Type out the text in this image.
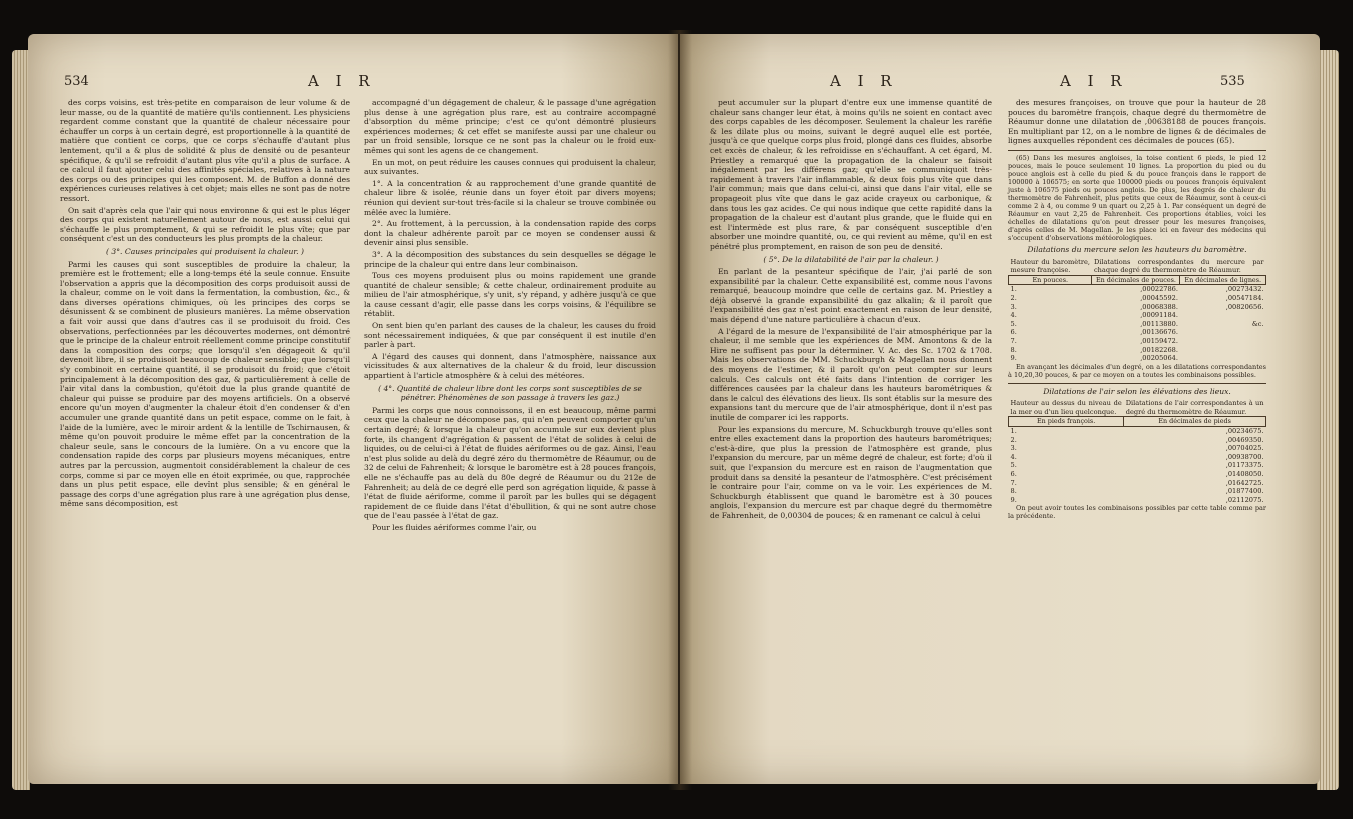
534	A I R

des corps voisins, est très-petite en comparaison de leur volume & de leur masse, ou de la quantité de matière qu'ils contiennent. Les physiciens regardent comme constant que la quantité de chaleur nécessaire pour échauffer un corps à un certain degré, est proportionnelle à la quantité de matière que contient ce corps, que ce corps s'échauffe d'autant plus lentement, qu'il a & plus de solidité & plus de densité ou de pesanteur spécifique, & qu'il se refroidit d'autant plus vîte qu'il a plus de surface. A ce calcul il faut ajouter celui des affinités spéciales, relatives à la nature des corps ou des principes qui les composent. M. de Buffon a donné des expériences curieuses relatives à cet objet; mais elles ne sont pas de notre ressort.

On sait d'après cela que l'air qui nous environne & qui est le plus léger des corps qui existent naturellement autour de nous, est aussi celui qui s'échauffe le plus promptement, & qui se refroidit le plus vîte; que par conséquent c'est un des conducteurs les plus prompts de la chaleur.

( 3°. Causes principales qui produisent la chaleur. )

Parmi les causes qui sont susceptibles de produire la chaleur, la première est le frottement; elle a long-temps été la seule connue. Ensuite l'observation a appris que la décomposition des corps produisoit aussi de la chaleur, comme on le voit dans la fermentation, la combustion, &c., & dans diverses opérations chimiques, où les principes des corps se désunissent & se combinent de plusieurs manières. La même observation a fait voir aussi que dans d'autres cas il se produisoit du froid. Ces observations, perfectionnées par les découvertes modernes, ont démontré que le principe de la chaleur entroit réellement comme principe constitutif dans la composition des corps; que lorsqu'il s'en dégageoit & qu'il devenoit libre, il se produisoit beaucoup de chaleur sensible; que lorsqu'il s'y combinoit en certaine quantité, il se produisoit du froid; que c'étoit principalement à la décomposition des gaz, & particulièrement à celle de l'air vital dans la combustion, qu'étoit due la plus grande quantité de chaleur qui puisse se produire par des moyens artificiels. On a observé encore qu'un moyen d'augmenter la chaleur étoit d'en condenser & d'en accumuler une grande quantité dans un petit espace, comme on le fait, à l'aide de la lumière, avec le miroir ardent & la lentille de Tschirnausen, & même qu'on pouvoit produire le même effet par la concentration de la chaleur seule, sans le concours de la lumière. On a vu encore que la condensation rapide des corps par plusieurs moyens mécaniques, entre autres par la percussion, augmentoit considérablement la chaleur de ces corps, comme si par ce moyen elle en étoit exprimée, ou que, rapprochée dans un plus petit espace, elle devînt plus sensible; & en général le passage des corps d'une agrégation plus rare à une agrégation plus dense, même sans décomposition, est

accompagné d'un dégagement de chaleur, & le passage d'une agrégation plus dense à une agrégation plus rare, est au contraire accompagné d'absorption du même principe; c'est ce qu'ont démontré plusieurs expériences modernes; & cet effet se manifeste aussi par une chaleur ou par un froid sensible, lorsque ce ne sont pas la chaleur ou le froid eux-mêmes qui sont les agens de ce changement.

En un mot, on peut réduire les causes connues qui produisent la chaleur, aux suivantes.

1°. A la concentration & au rapprochement d'une grande quantité de chaleur libre & isolée, réunie dans un foyer étoit par divers moyens; réunion qui devient sur-tout très-facile si la chaleur se trouve combinée ou mêlée avec la lumière.

2°. Au frottement, à la percussion, à la condensation rapide des corps dont la chaleur adhérente paroît par ce moyen se condenser aussi & devenir ainsi plus sensible.

3°. A la décomposition des substances du sein desquelles se dégage le principe de la chaleur qui entre dans leur combinaison.

Tous ces moyens produisent plus ou moins rapidement une grande quantité de chaleur sensible; & cette chaleur, ordinairement produite au milieu de l'air atmosphérique, s'y unit, s'y répand, y adhère jusqu'à ce que la cause cessant d'agir, elle passe dans les corps voisins, & l'équilibre se rétablit.

On sent bien qu'en parlant des causes de la chaleur, les causes du froid sont nécessairement indiquées, & que par conséquent il est inutile d'en parler à part.

A l'égard des causes qui donnent, dans l'atmosphère, naissance aux vicissitudes & aux alternatives de la chaleur & du froid, leur discussion appartient à l'article atmosphère & à celui des météores.

( 4°. Quantité de chaleur libre dont les corps sont susceptibles de se pénétrer. Phénomènes de son passage à travers les gaz.)

Parmi les corps que nous connoissons, il en est beaucoup, même parmi ceux que la chaleur ne décompose pas, qui n'en peuvent comporter qu'un certain degré; & lorsque la chaleur qu'on accumule sur eux devient plus forte, ils changent d'agrégation & passent de l'état de solides à celui de liquides, ou de celui-ci à l'état de fluides aériformes ou de gaz. Ainsi, l'eau n'est plus solide au delà du degré zéro du thermomètre de Réaumur, ou de 32 de celui de Fahrenheit; & lorsque le baromètre est à 28 pouces françois, elle ne s'échauffe pas au delà du 80e degré de Réaumur ou du 212e de Fahrenheit; au delà de ce degré elle perd son agrégation liquide, & passe à l'état de fluide aériforme, comme il paroît par les bulles qui se dégagent rapidement de ce fluide dans l'état d'ébullition, & qui ne sont autre chose que de l'eau passée à l'état de gaz.

Pour les fluides aériformes comme l'air, ou

A I R	A I R	535

peut accumuler sur la plupart d'entre eux une immense quantité de chaleur sans changer leur état, à moins qu'ils ne soient en contact avec des corps capables de les décomposer. Seulement la chaleur les raréfie & les dilate plus ou moins, suivant le degré auquel elle est portée, jusqu'à ce que quelque corps plus froid, plongé dans ces fluides, absorbe cet excès de chaleur, & les refroidisse en s'échauffant. A cet égard, M. Priestley a remarqué que la propagation de la chaleur se faisoit inégalement par les différens gaz; qu'elle se communiquoit très-rapidement à travers l'air inflammable, & deux fois plus vîte que dans l'air commun; mais que dans celui-ci, ainsi que dans l'air vital, elle se propageoit plus vîte que dans le gaz acide crayeux ou carbonique, & dans tous les gaz acides. Ce qui nous indique que cette rapidité dans la propagation de la chaleur est d'autant plus grande, que le fluide qui en est l'intermède est plus rare, & par conséquent susceptible d'en absorber une moindre quantité, ou, ce qui revient au même, qu'il en est pénétré plus promptement, en raison de son peu de densité.

( 5°. De la dilatabilité de l'air par la chaleur. )

En parlant de la pesanteur spécifique de l'air, j'ai parlé de son expansibilité par la chaleur. Cette expansibilité est, comme nous l'avons remarqué, beaucoup moindre que celle de certains gaz. M. Priestley a déjà observé la grande expansibilité du gaz alkalin; & il paroît que l'expansibilité des gaz n'est point exactement en raison de leur densité, mais dépend d'une nature particulière à chacun d'eux.

A l'égard de la mesure de l'expansibilité de l'air atmosphérique par la chaleur, il me semble que les expériences de MM. Amontons & de la Hire ne suffisent pas pour la déterminer. V. Ac. des Sc. 1702 & 1708. Mais les observations de MM. Schuckburgh & Magellan nous donnent des moyens de l'estimer, & il paroît qu'on peut compter sur leurs calculs. Ces calculs ont été faits dans l'intention de corriger les différences causées par la chaleur dans les hauteurs barométriques & dans le calcul des élévations des lieux. Ils sont établis sur la mesure des expansions tant du mercure que de l'air atmosphérique, dont il n'est pas inutile de comparer ici les rapports.

Pour les expansions du mercure, M. Schuckburgh trouve qu'elles sont entre elles exactement dans la proportion des hauteurs barométriques; c'est-à-dire, que plus la pression de l'atmosphère est grande, plus l'expansion du mercure, par un même degré de chaleur, est forte; d'où il suit, que l'expansion du mercure est en raison de l'augmentation que produit dans sa densité la pesanteur de l'atmosphère. C'est précisément le contraire pour l'air, comme on va le voir. Les expériences de M. Schuckburgh établissent que quand le baromètre est à 30 pouces anglois, l'expansion du mercure est par chaque degré du thermomètre de Fahrenheit, de 0,00304 de pouces; & en ramenant ce calcul à celui

des mesures françoises, on trouve que pour la hauteur de 28 pouces du baromètre françois, chaque degré du thermomètre de Réaumur donne une dilatation de ,00638188 de pouces françois. En multipliant par 12, on a le nombre de lignes & de décimales de lignes auxquelles répondent ces décimales de pouces (65).

(65) Dans les mesures angloises, la toise contient 6 pieds, le pied 12 pouces, mais le pouce seulement 10 lignes. La proportion du pied ou du pouce anglois est à celle du pied & du pouce françois dans le rapport de 100000 à 106575; en sorte que 100000 pieds ou pouces françois équivalent juste à 106575 pieds ou pouces anglois. De plus, les degrés de chaleur du thermomètre de Fahrenheit, plus petits que ceux de Réaumur, sont à ceux-ci comme 2 à 4, ou comme 9 un quart ou 2,25 à 1. Par conséquent un degré de Réaumur en vaut 2,25 de Fahrenheit. Ces proportions établies, voici les échelles de dilatations qu'on peut dresser pour les mesures françoises, d'après celles de M. Magellan. Je les place ici en faveur des médecins qui s'occupent d'observations météorologiques.

Dilatations du mercure selon les hauteurs du baromètre.

Hauteur du baromètre, mesure françoise.	Dilatations correspondantes du mercure par chaque degré du thermomètre de Réaumur.	
En pouces.	En décimales de pouces.	En décimales de lignes.
1.	,00022786.	,00273432.
2.	,00045592.	,00547184.
3.	,00068388.	,00820656.
4.	,00091184.	
5.	,00113880.	&c.
6.	,00136676.	
7.	,00159472.	
8.	,00182268.	
9.	,00205064.	

En avançant les décimales d'un degré, on a les dilatations correspondantes à 10,20,30 pouces, & par ce moyen on a toutes les combinaisons possibles.

Dilatations de l'air selon les élévations des lieux.

Hauteur au dessus du niveau de la mer ou d'un lieu quelconque.	Dilatations de l'air correspondantes à un degré du thermomètre de Réaumur.
En pieds françois.	En décimales de pieds
1.	,00234675.
2.	,00469350.
3.	,00704025.
4.	,00938700.
5.	,01173375.
6.	,01408050.
7.	,01642725.
8.	,01877400.
9.	,02112075.

On peut avoir toutes les combinaisons possibles par cette table comme par la précédente.
